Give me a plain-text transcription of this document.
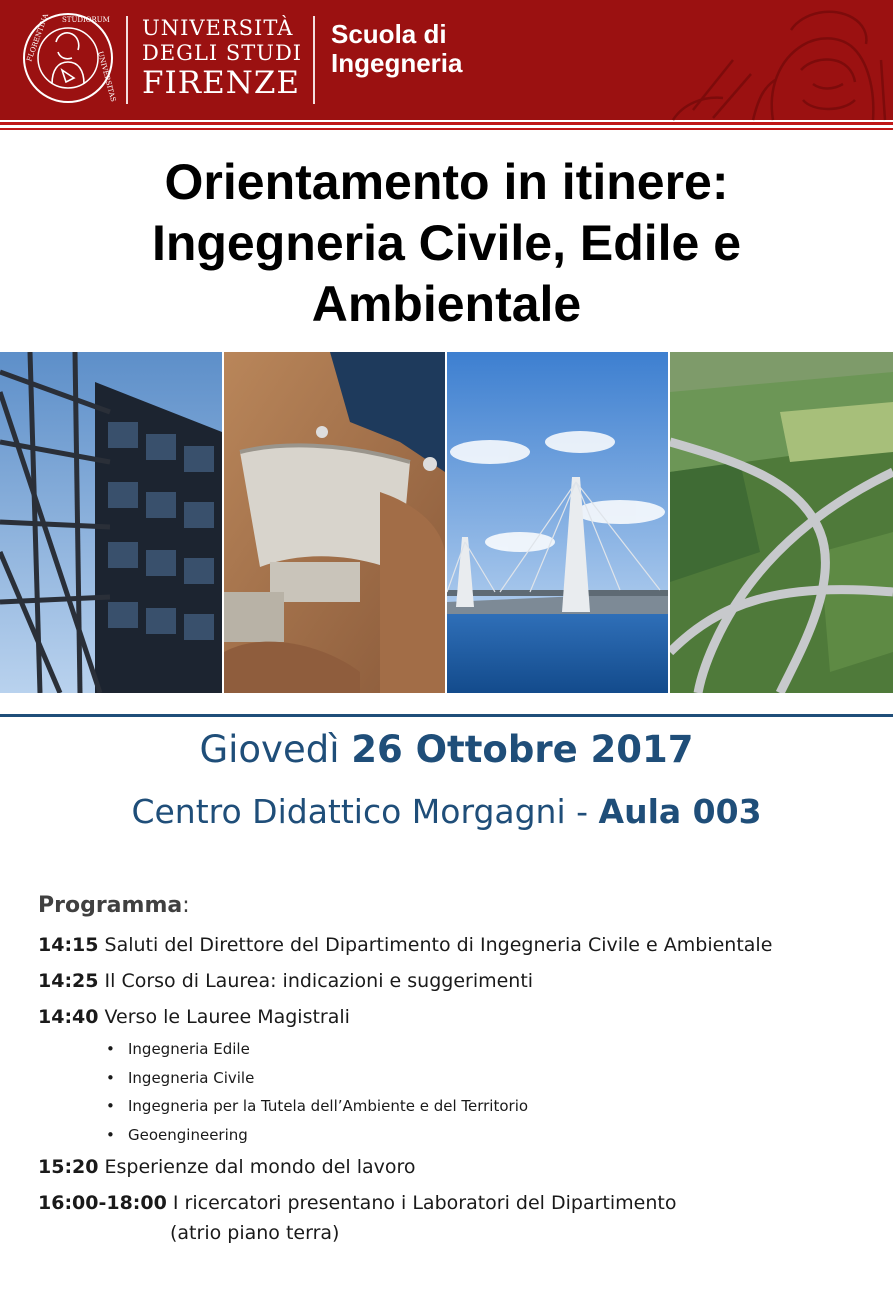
FLORENTINA STUDIORUM
UNIVERSITAS
UNIVERSITÀ
DEGLI STUDI
FIRENZE
Scuola di
Ingegneria
Orientamento in itinere:
Ingegneria Civile, Edile e
Ambientale
Giovedì 26 Ottobre 2017
Centro Didattico Morgagni - Aula 003
Programma:
14:15 Saluti del Direttore del Dipartimento di Ingegneria Civile e Ambientale
14:25 Il Corso di Laurea: indicazioni e suggerimenti
14:40 Verso le Lauree Magistrali
• Ingegneria Edile
• Ingegneria Civile
• Ingegneria per la Tutela dell’Ambiente e del Territorio
• Geoengineering
15:20 Esperienze dal mondo del lavoro
16:00-18:00 I ricercatori presentano i Laboratori del Dipartimento
(atrio piano terra)
